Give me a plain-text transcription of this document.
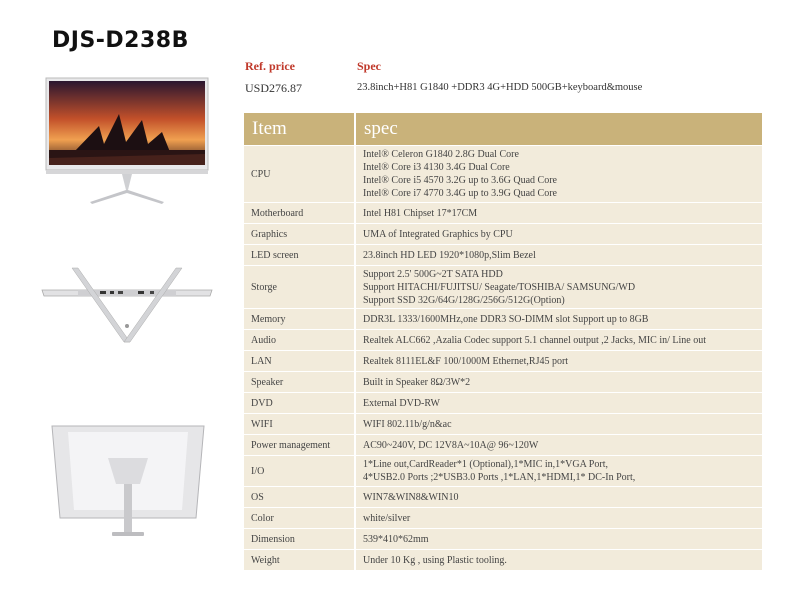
DJS-D238B
Ref. price	Spec
USD276.87	23.8inch+H81 G1840 +DDR3 4G+HDD 500GB+keyboard&mouse
Item	spec
CPU	Intel® Celeron G1840 2.8G Dual Core
Intel® Core i3 4130 3.4G Dual Core
Intel® Core i5 4570 3.2G up to 3.6G Quad Core
Intel® Core i7 4770 3.4G up to 3.9G Quad Core

Motherboard	Intel H81 Chipset 17*17CM

Graphics	UMA of Integrated Graphics by CPU

LED screen	23.8inch HD LED 1920*1080p,Slim Bezel

Storge	Support 2.5' 500G~2T SATA HDD
Support HITACHI/FUJITSU/ Seagate/TOSHIBA/ SAMSUNG/WD
Support SSD 32G/64G/128G/256G/512G(Option)

Memory	DDR3L 1333/1600MHz,one DDR3 SO-DIMM slot Support up to 8GB

Audio	Realtek ALC662 ,Azalia Codec support 5.1 channel output ,2 Jacks, MIC in/ Line out

LAN	Realtek 8111EL&F 100/1000M Ethernet,RJ45 port

Speaker	Built in Speaker 8Ω/3W*2

DVD	External DVD-RW

WIFI	WIFI 802.11b/g/n&ac

Power management	AC90~240V, DC 12V8A~10A@ 96~120W

I/O	1*Line out,CardReader*1 (Optional),1*MIC in,1*VGA Port,
4*USB2.0 Ports ;2*USB3.0 Ports ,1*LAN,1*HDMI,1* DC-In Port,

OS	WIN7&WIN8&WIN10

Color	white/silver

Dimension	539*410*62mm

Weight	Under 10 Kg , using Plastic tooling.
